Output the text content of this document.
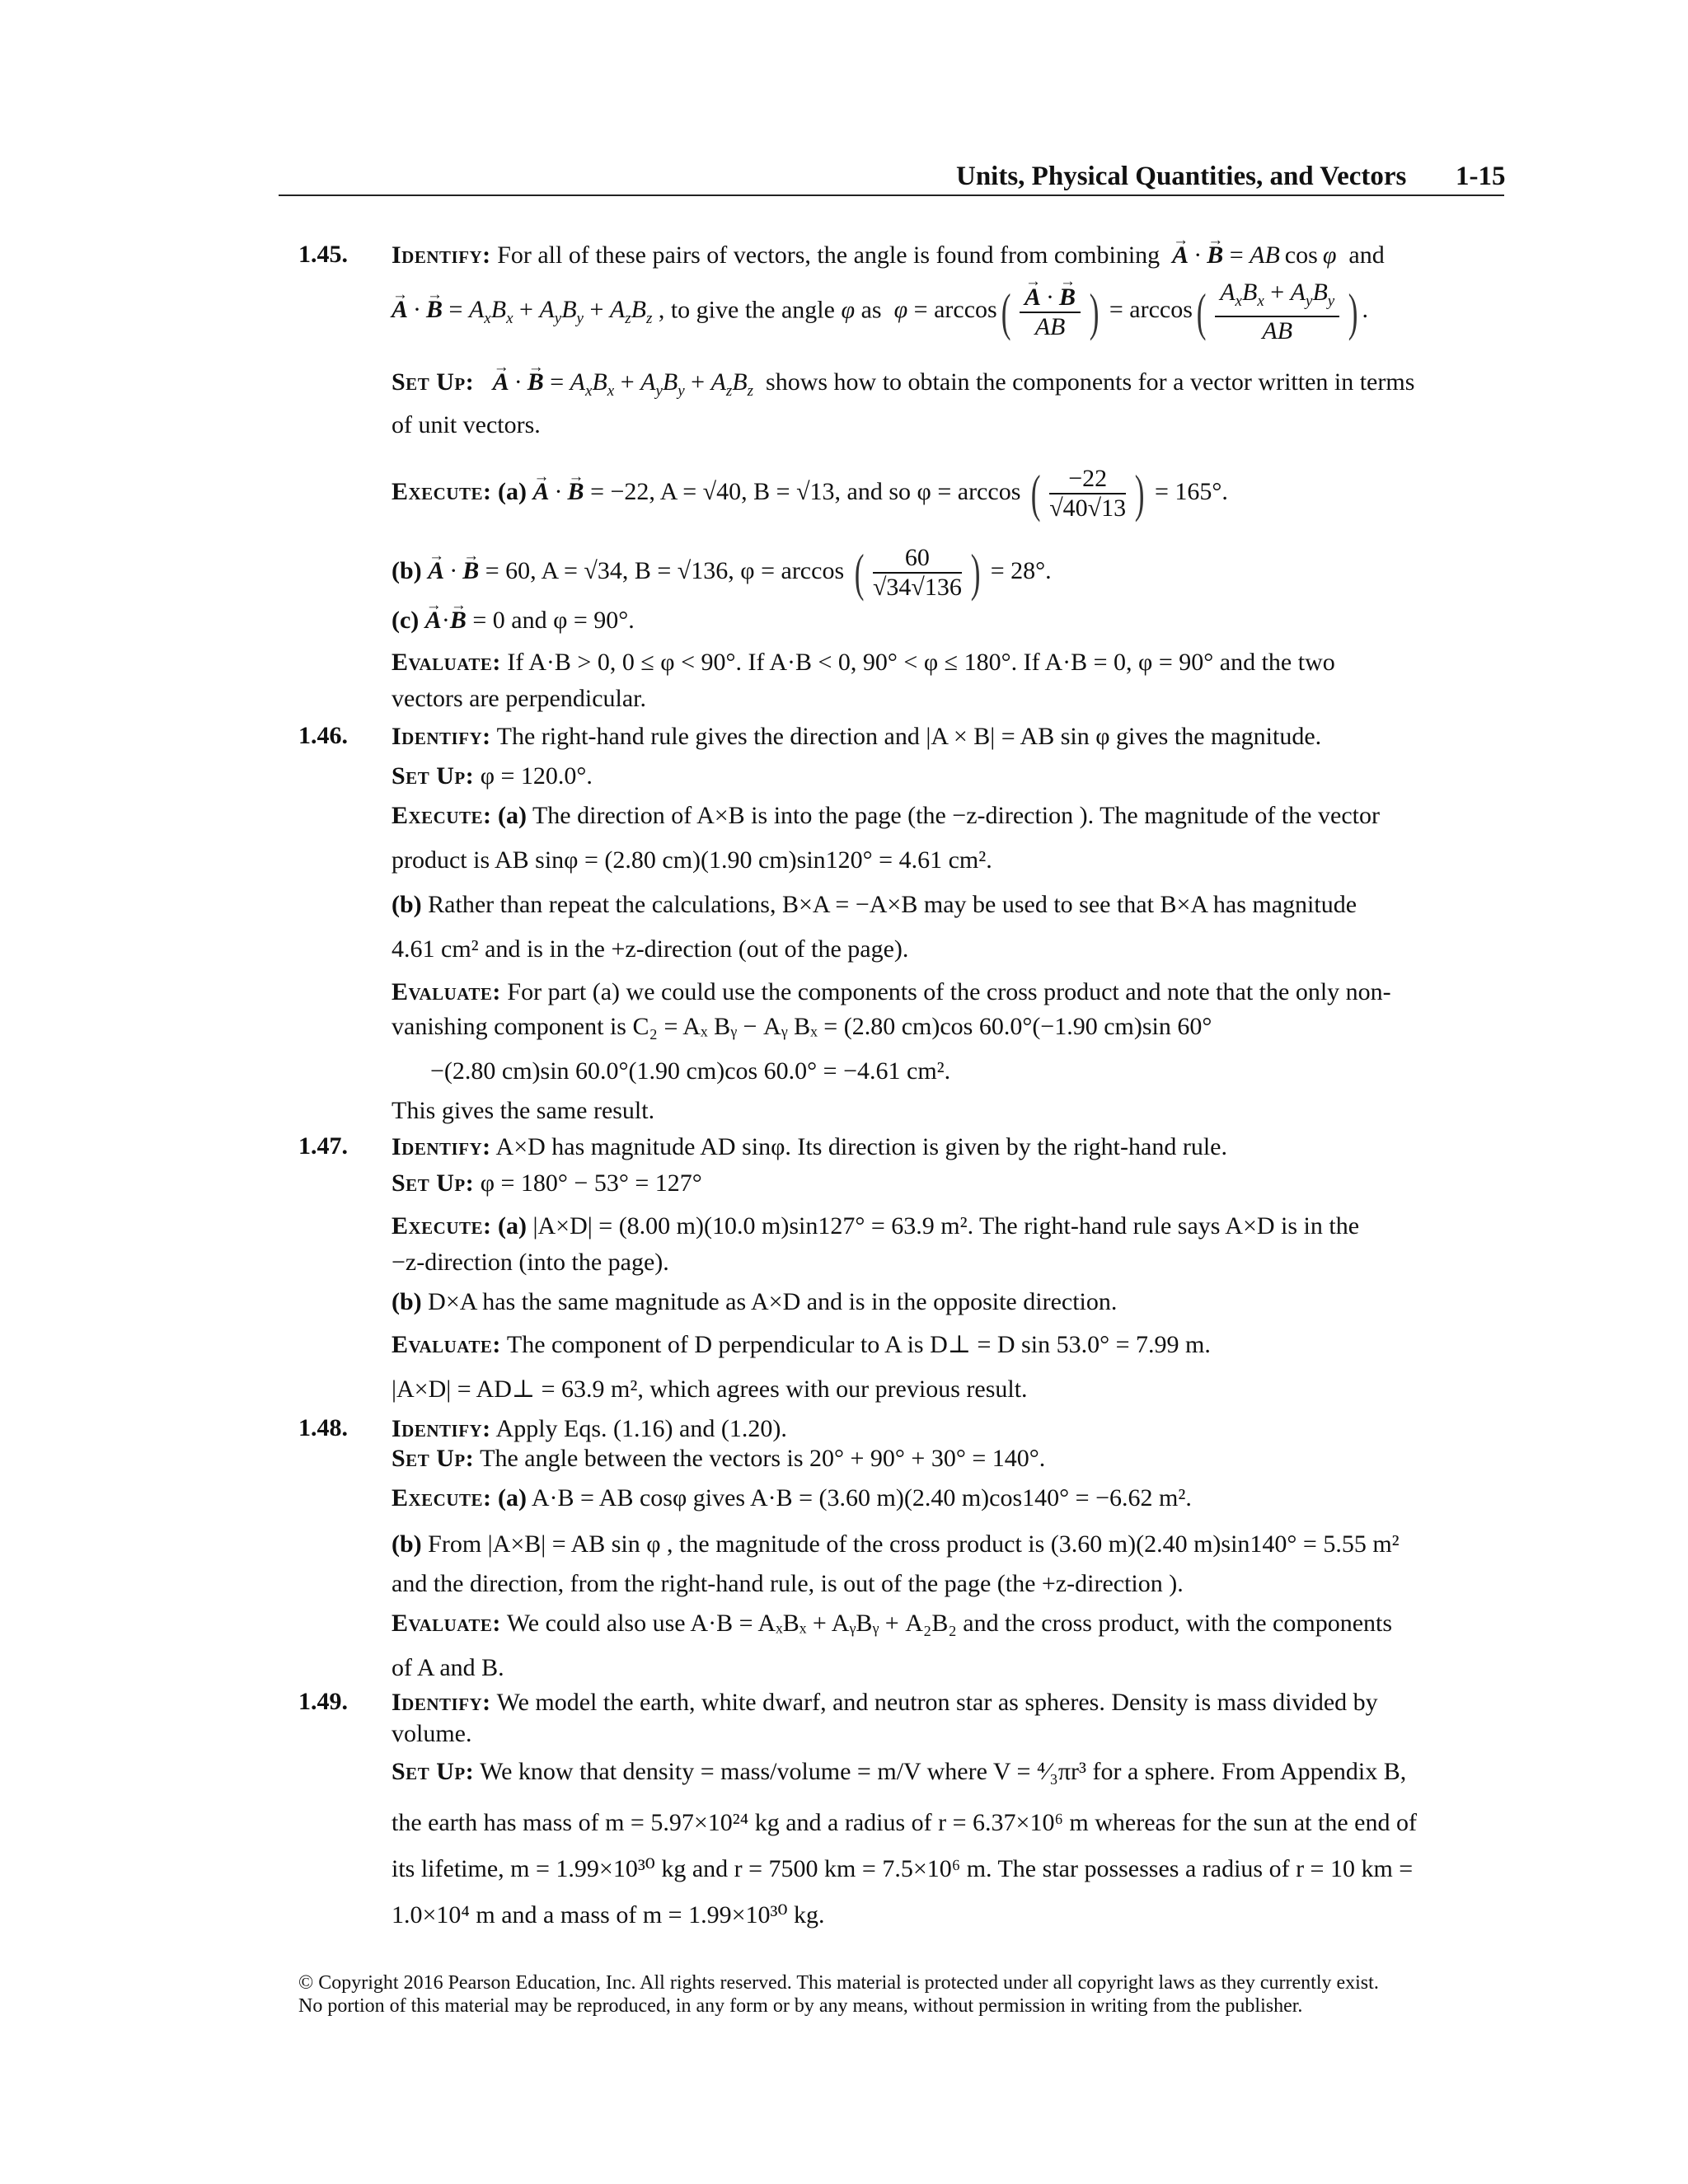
Units, Physical Quantities, and Vectors 1-15
1.45. Identify: For all of these pairs of vectors, the angle is found from combining  → A · → B = AB cos φ and
→ A · → $B = A_xB_x + A_yB_y + A_zB_z$ , to give the angle φ as φ = arccos(
→ $\frac{A \cdot \to B}{AB}$ ) = $\arccos( \frac{A_xB_x + A_yB_y}{AB}$ ) .
Set Up:   → A · → $B = A_xB_x + A_yB_y + A_zB_z$ shows how to obtain the components for a vector written in terms
of unit vectors.
Execute: (a) → A · → B = −22, A = √40, B = √13, and so φ = arccos ( $\frac{-22}{√40√13}$ ) = 165°.
(b) → A · → B = 60, A = √34, B = √136, φ = arccos ( $\frac{60}{√34√136}$ ) = 28°.
(c) → A·→ B = 0 and φ = 90°.
Evaluate: If A·B > 0, 0 ≤ φ < 90°. If A·B < 0, 90° < φ ≤ 180°. If A·B = 0, φ = 90° and the two
vectors are perpendicular.
1.46. Identify: The right-hand rule gives the direction and |A × B| = AB sin φ gives the magnitude.
Set Up: φ = 120.0°.
Execute: (a) The direction of A×B is into the page (the −z-direction ). The magnitude of the vector
product is AB sinφ = (2.80 cm)(1.90 cm)sin120° = 4.61 cm².
(b) Rather than repeat the calculations, B×A = −A×B may be used to see that B×A has magnitude
4.61 cm² and is in the +z-direction (out of the page).
Evaluate: For part (a) we could use the components of the cross product and note that the only non-
vanishing component is C₂ = Aₓ Bᵧ − Aᵧ Bₓ = (2.80 cm)cos 60.0°(−1.90 cm)sin 60°
−(2.80 cm)sin 60.0°(1.90 cm)cos 60.0° = −4.61 cm².
This gives the same result.
1.47. Identify: A×D has magnitude AD sinφ. Its direction is given by the right-hand rule.
Set Up: φ = 180° − 53° = 127°
Execute: (a) |A×D| = (8.00 m)(10.0 m)sin127° = 63.9 m². The right-hand rule says A×D is in the
−z-direction (into the page).
(b) D×A has the same magnitude as A×D and is in the opposite direction.
Evaluate: The component of D perpendicular to A is D⊥ = D sin 53.0° = 7.99 m.
|A×D| = AD⊥ = 63.9 m², which agrees with our previous result.
1.48. Identify: Apply Eqs. (1.16) and (1.20).
Set Up: The angle between the vectors is 20° + 90° + 30° = 140°.
Execute: (a) A·B = AB cosφ gives A·B = (3.60 m)(2.40 m)cos140° = −6.62 m².
(b) From |A×B| = AB sin φ , the magnitude of the cross product is (3.60 m)(2.40 m)sin140° = 5.55 m²
and the direction, from the right-hand rule, is out of the page (the +z-direction ).
Evaluate: We could also use A·B = AₓBₓ + AᵧBᵧ + A₂B₂ and the cross product, with the components
of A and B.
1.49. Identify: We model the earth, white dwarf, and neutron star as spheres. Density is mass divided by
volume.
Set Up: We know that density = mass/volume = m/V where V = ⁴⁄₃πr³ for a sphere. From Appendix B,
the earth has mass of m = 5.97×10²⁴ kg and a radius of r = 6.37×10⁶ m whereas for the sun at the end of
its lifetime, m = 1.99×10³⁰ kg and r = 7500 km = 7.5×10⁶ m. The star possesses a radius of r = 10 km =
1.0×10⁴ m and a mass of m = 1.99×10³⁰ kg.
© Copyright 2016 Pearson Education, Inc. All rights reserved. This material is protected under all copyright laws as they currently exist.
No portion of this material may be reproduced, in any form or by any means, without permission in writing from the publisher.
